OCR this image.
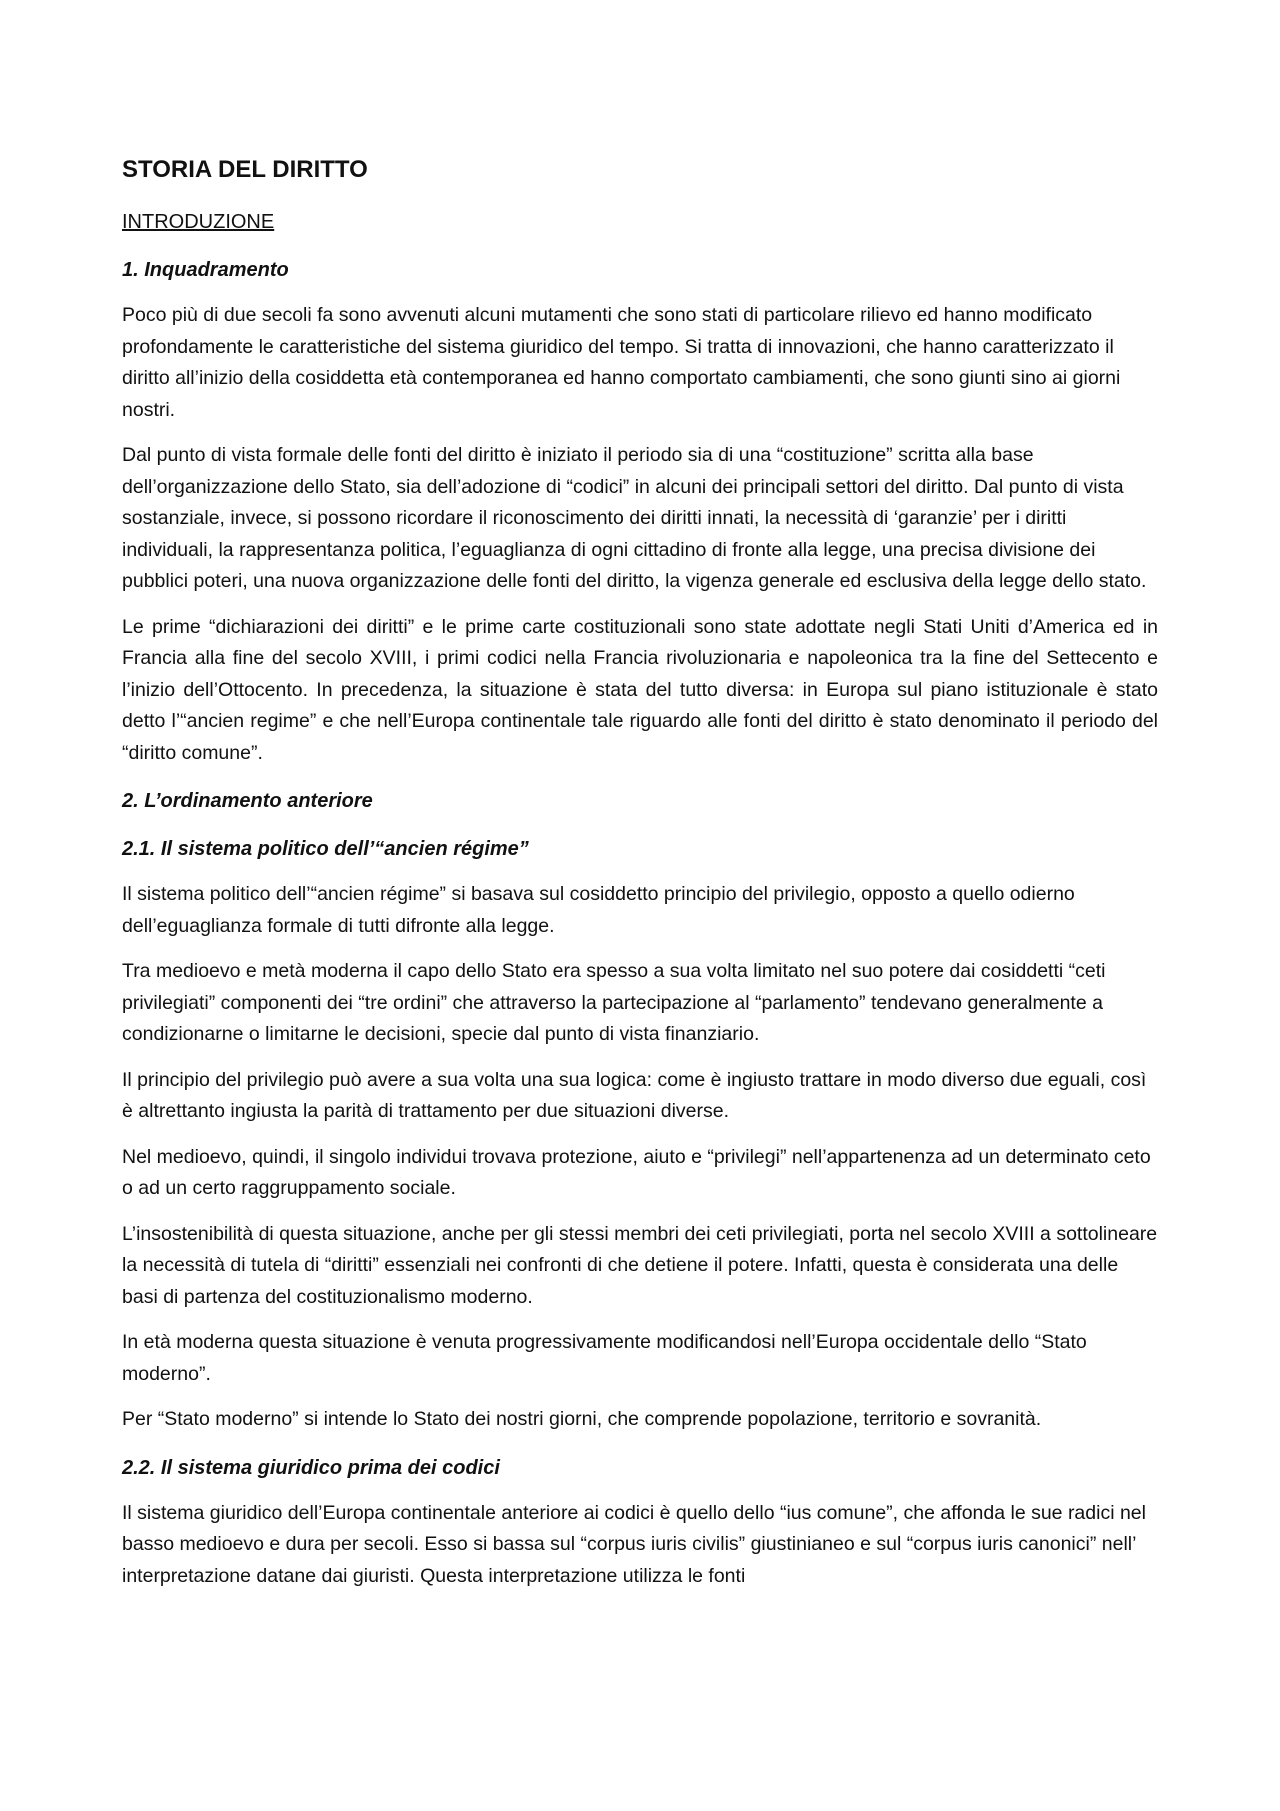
STORIA DEL DIRITTO
INTRODUZIONE
1. Inquadramento

Poco più di due secoli fa sono avvenuti alcuni mutamenti che sono stati di particolare rilievo ed hanno modificato profondamente le caratteristiche del sistema giuridico del tempo. Si tratta di innovazioni, che hanno caratterizzato il diritto all’inizio della cosiddetta età contemporanea ed hanno comportato cambiamenti, che sono giunti sino ai giorni nostri.

Dal punto di vista formale delle fonti del diritto è iniziato il periodo sia di una “costituzione” scritta alla base dell’organizzazione dello Stato, sia dell’adozione di “codici” in alcuni dei principali settori del diritto. Dal punto di vista sostanziale, invece, si possono ricordare il riconoscimento dei diritti innati, la necessità di ‘garanzie’ per i diritti individuali, la rappresentanza politica, l’eguaglianza di ogni cittadino di fronte alla legge, una precisa divisione dei pubblici poteri, una nuova organizzazione delle fonti del diritto, la vigenza generale ed esclusiva della legge dello stato.

Le prime “dichiarazioni dei diritti” e le prime carte costituzionali sono state adottate negli Stati Uniti d’America ed in Francia alla fine del secolo XVIII, i primi codici nella Francia rivoluzionaria e napoleonica tra la fine del Settecento e l’inizio dell’Ottocento. In precedenza, la situazione è stata del tutto diversa: in Europa sul piano istituzionale è stato detto l’“ancien regime” e che nell’Europa continentale tale riguardo alle fonti del diritto è stato denominato il periodo del “diritto comune”.

2. L’ordinamento anteriore
2.1. Il sistema politico dell’“ancien régime”

Il sistema politico dell’“ancien régime” si basava sul cosiddetto principio del privilegio, opposto a quello odierno dell’eguaglianza formale di tutti difronte alla legge.

Tra medioevo e metà moderna il capo dello Stato era spesso a sua volta limitato nel suo potere dai cosiddetti “ceti privilegiati” componenti dei “tre ordini” che attraverso la partecipazione al “parlamento” tendevano generalmente a condizionarne o limitarne le decisioni, specie dal punto di vista finanziario.

Il principio del privilegio può avere a sua volta una sua logica: come è ingiusto trattare in modo diverso due eguali, così è altrettanto ingiusta la parità di trattamento per due situazioni diverse.

Nel medioevo, quindi, il singolo individui trovava protezione, aiuto e “privilegi” nell’appartenenza ad un determinato ceto o ad un certo raggruppamento sociale.

L’insostenibilità di questa situazione, anche per gli stessi membri dei ceti privilegiati, porta nel secolo XVIII a sottolineare la necessità di tutela di “diritti” essenziali nei confronti di che detiene il potere. Infatti, questa è considerata una delle basi di partenza del costituzionalismo moderno.

In età moderna questa situazione è venuta progressivamente modificandosi nell’Europa occidentale dello “Stato moderno”.

Per “Stato moderno” si intende lo Stato dei nostri giorni, che comprende popolazione, territorio e sovranità.

2.2. Il sistema giuridico prima dei codici

Il sistema giuridico dell’Europa continentale anteriore ai codici è quello dello “ius comune”, che affonda le sue radici nel basso medioevo e dura per secoli. Esso si bassa sul “corpus iuris civilis” giustinianeo e sul “corpus iuris canonici” nell’ interpretazione datane dai giuristi. Questa interpretazione utilizza le fonti
